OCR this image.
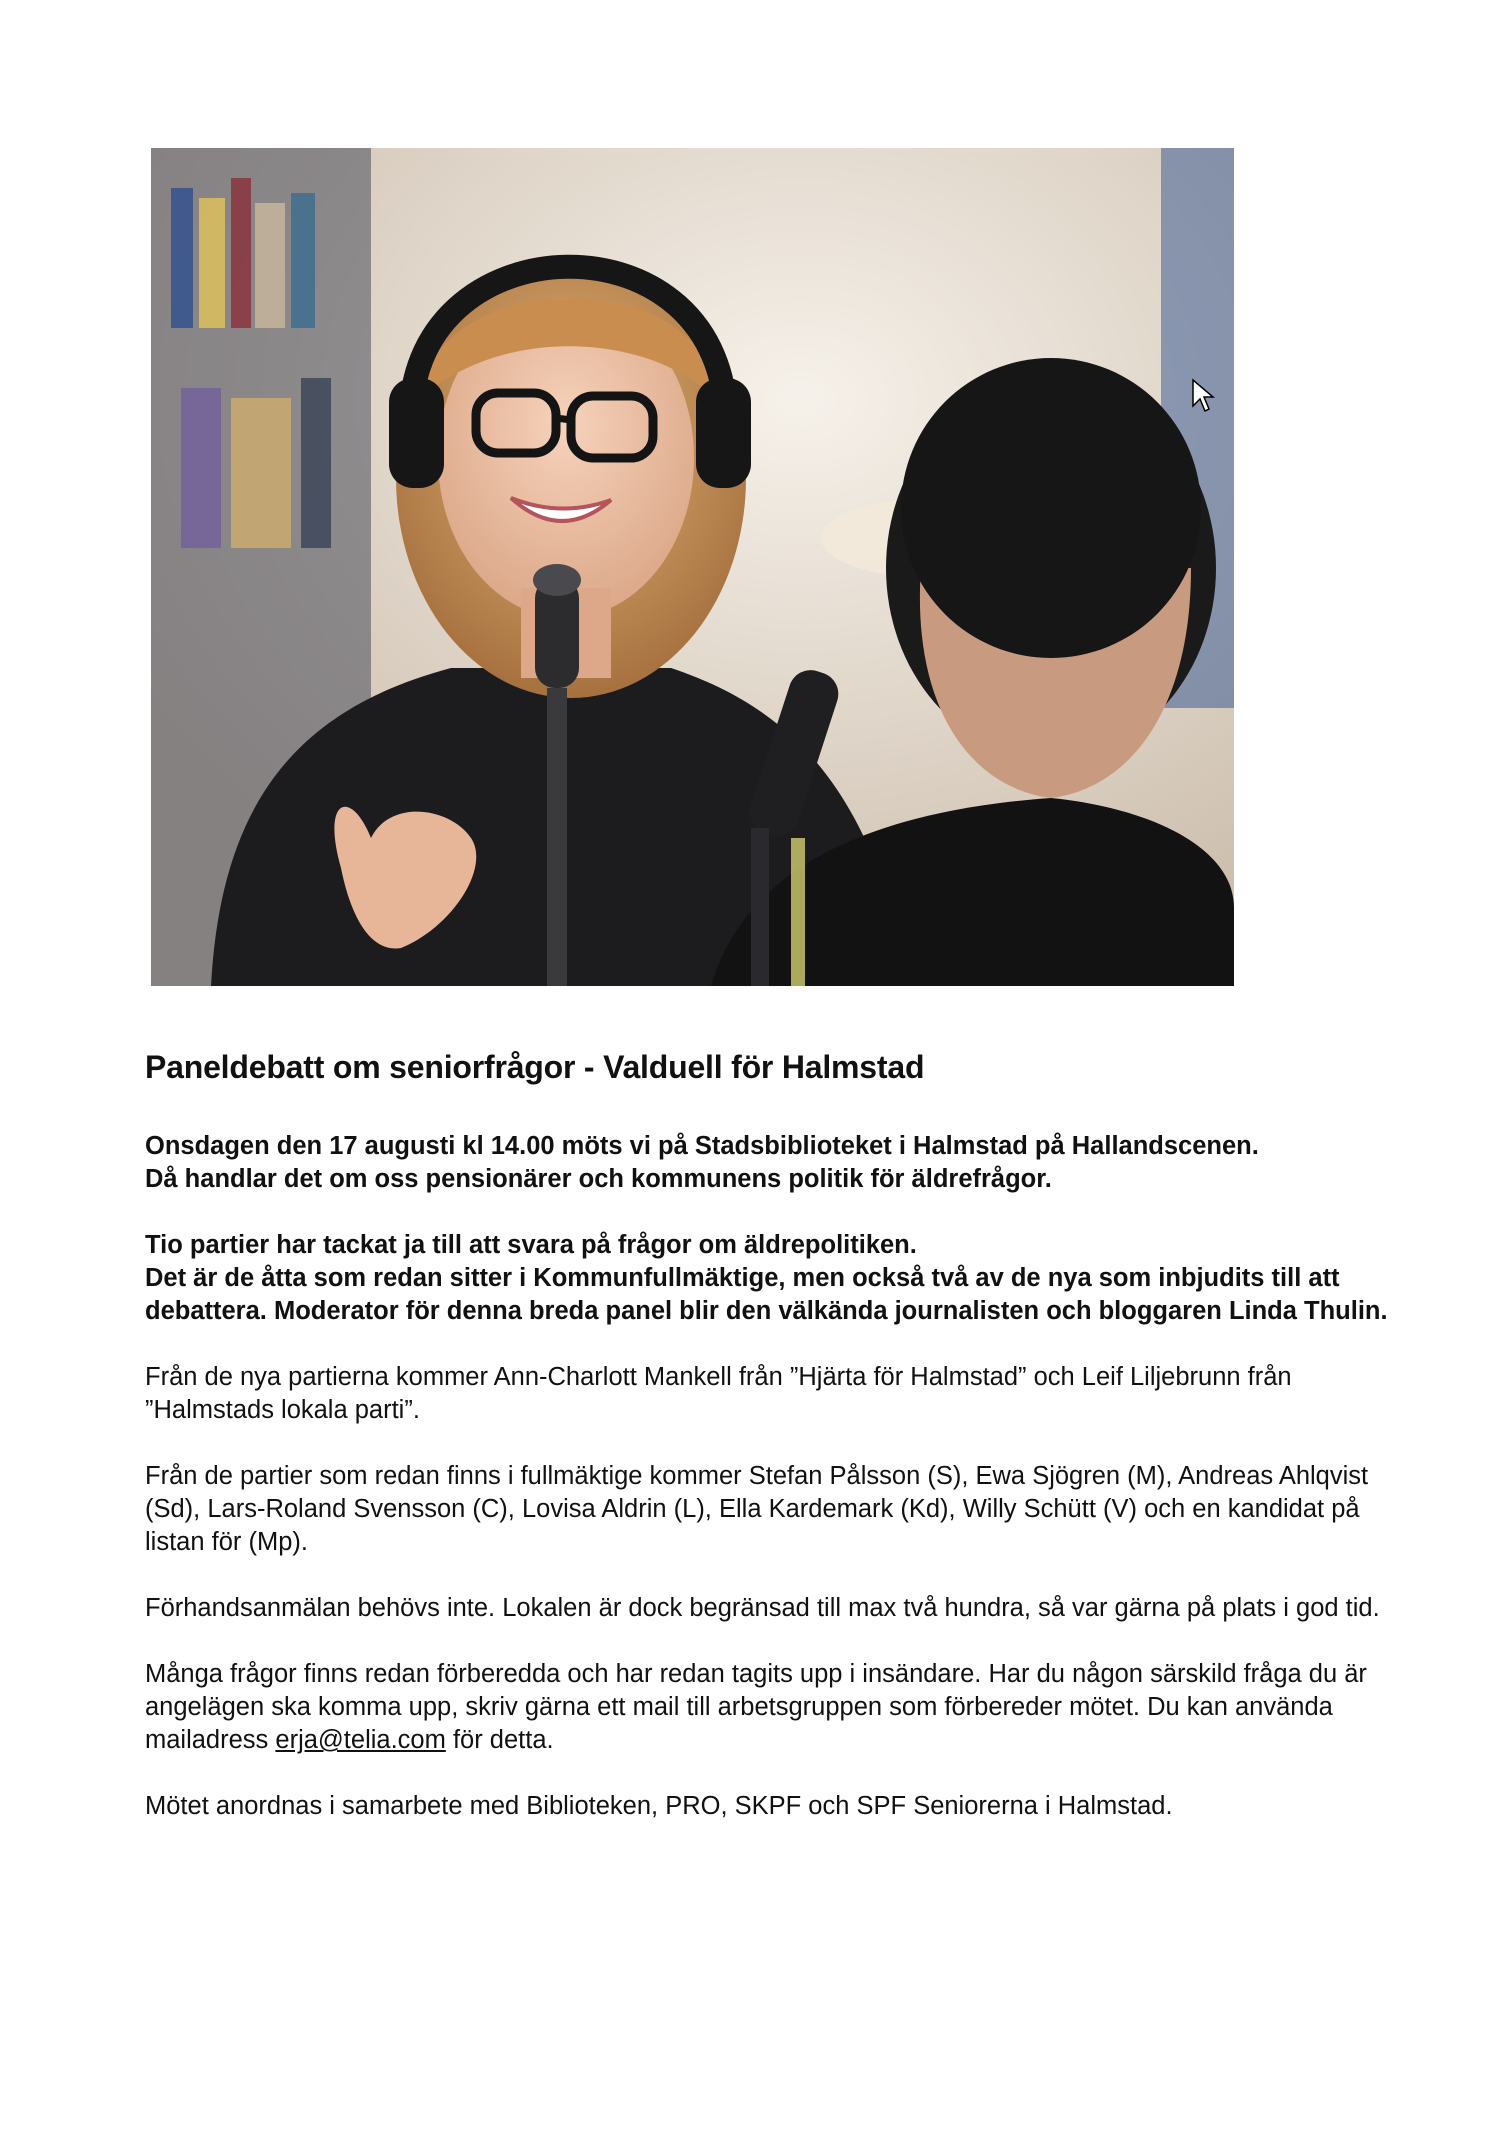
Paneldebatt om seniorfrågor - Valduell för Halmstad

Onsdagen den 17 augusti kl 14.00 möts vi på Stadsbiblioteket i Halmstad på Hallandscenen.
Då handlar det om oss pensionärer och kommunens politik för äldrefrågor.

Tio partier har tackat ja till att svara på frågor om äldrepolitiken.
Det är de åtta som redan sitter i Kommunfullmäktige, men också två av de nya som inbjudits till att debattera. Moderator för denna breda panel blir den välkända journalisten och bloggaren Linda Thulin.

Från de nya partierna kommer Ann-Charlott Mankell från ”Hjärta för Halmstad” och Leif Liljebrunn från ”Halmstads lokala parti”.

Från de partier som redan finns i fullmäktige kommer Stefan Pålsson (S), Ewa Sjögren (M), Andreas Ahlqvist (Sd), Lars-Roland Svensson (C), Lovisa Aldrin (L), Ella Kardemark (Kd), Willy Schütt (V) och en kandidat på listan för (Mp).

Förhandsanmälan behövs inte. Lokalen är dock begränsad till max två hundra, så var gärna på plats i god tid.

Många frågor finns redan förberedda och har redan tagits upp i insändare. Har du någon särskild fråga du är angelägen ska komma upp, skriv gärna ett mail till arbetsgruppen som förbereder mötet. Du kan använda mailadress erja@telia.com för detta.

Mötet anordnas i samarbete med Biblioteken, PRO, SKPF och SPF Seniorerna i Halmstad.
